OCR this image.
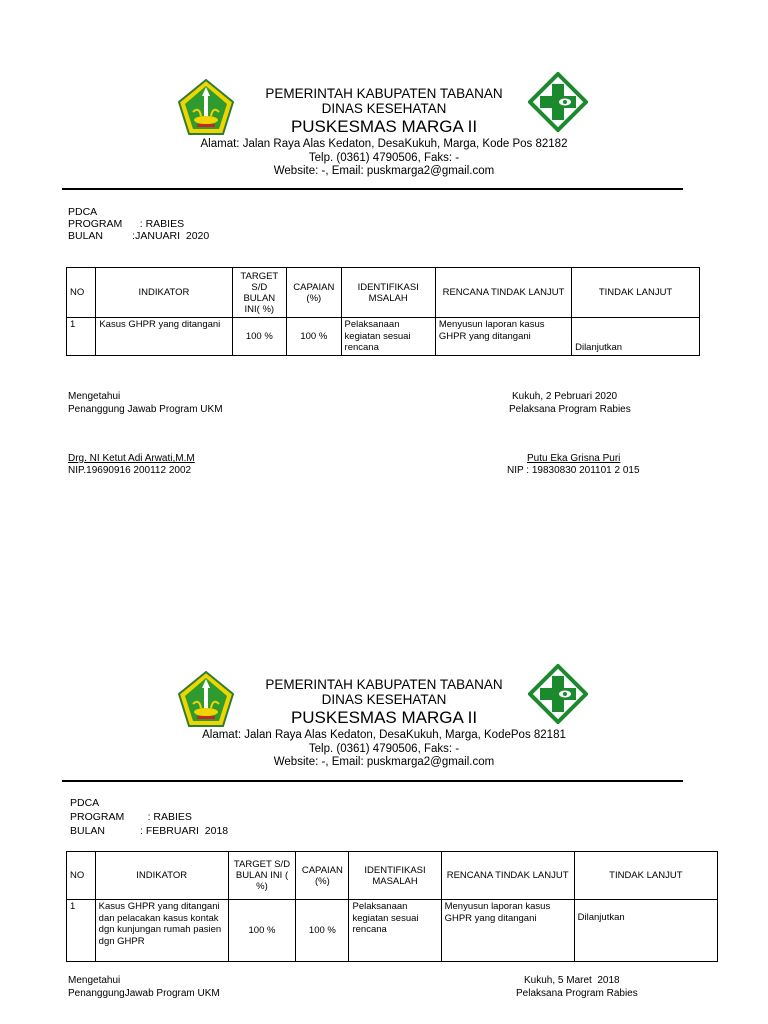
PEMERINTAH KABUPATEN TABANAN
DINAS KESEHATAN
PUSKESMAS MARGA II
Alamat: Jalan Raya Alas Kedaton, DesaKukuh, Marga, Kode Pos 82182
Telp. (0361) 4790506, Faks: -
Website: -, Email: puskmarga2@gmail.com
PDCA
PROGRAM      : RABIES
BULAN          :JANUARI  2020
NO	INDIKATOR	TARGET S/D BULAN INI( %)	CAPAIAN (%)	IDENTIFIKASI MSALAH	RENCANA TINDAK LANJUT	TINDAK LANJUT
1	Kasus GHPR yang ditangani	100 %	100 %	Pelaksanaan kegiatan sesuai rencana	Menyusun laporan kasus GHPR yang ditangani	Dilanjutkan
Mengetahui
Penanggung Jawab Program UKM
Drg. NI Ketut Adi Arwati,M.M
NIP.19690916 200112 2002
Kukuh, 2 Pebruari 2020
Pelaksana Program Rabies
Putu Eka Grisna Puri
NIP : 19830830 201101 2 015
PEMERINTAH KABUPATEN TABANAN
DINAS KESEHATAN
PUSKESMAS MARGA II
Alamat: Jalan Raya Alas Kedaton, DesaKukuh, Marga, KodePos 82181
Telp. (0361) 4790506, Faks: -
Website: -, Email: puskmarga2@gmail.com
PDCA
PROGRAM        : RABIES
BULAN            : FEBRUARI  2018
NO	INDIKATOR	TARGET S/D BULAN INI ( %)	CAPAIAN (%)	IDENTIFIKASI MASALAH	RENCANA TINDAK LANJUT	TINDAK LANJUT
1	Kasus GHPR yang ditangani dan pelacakan kasus kontak dgn kunjungan rumah pasien dgn GHPR	100 %	100 %	Pelaksanaan kegiatan sesuai rencana	Menyusun laporan kasus GHPR yang ditangani	Dilanjutkan
Mengetahui
PenanggungJawab Program UKM
Kukuh, 5 Maret  2018
Pelaksana Program Rabies
